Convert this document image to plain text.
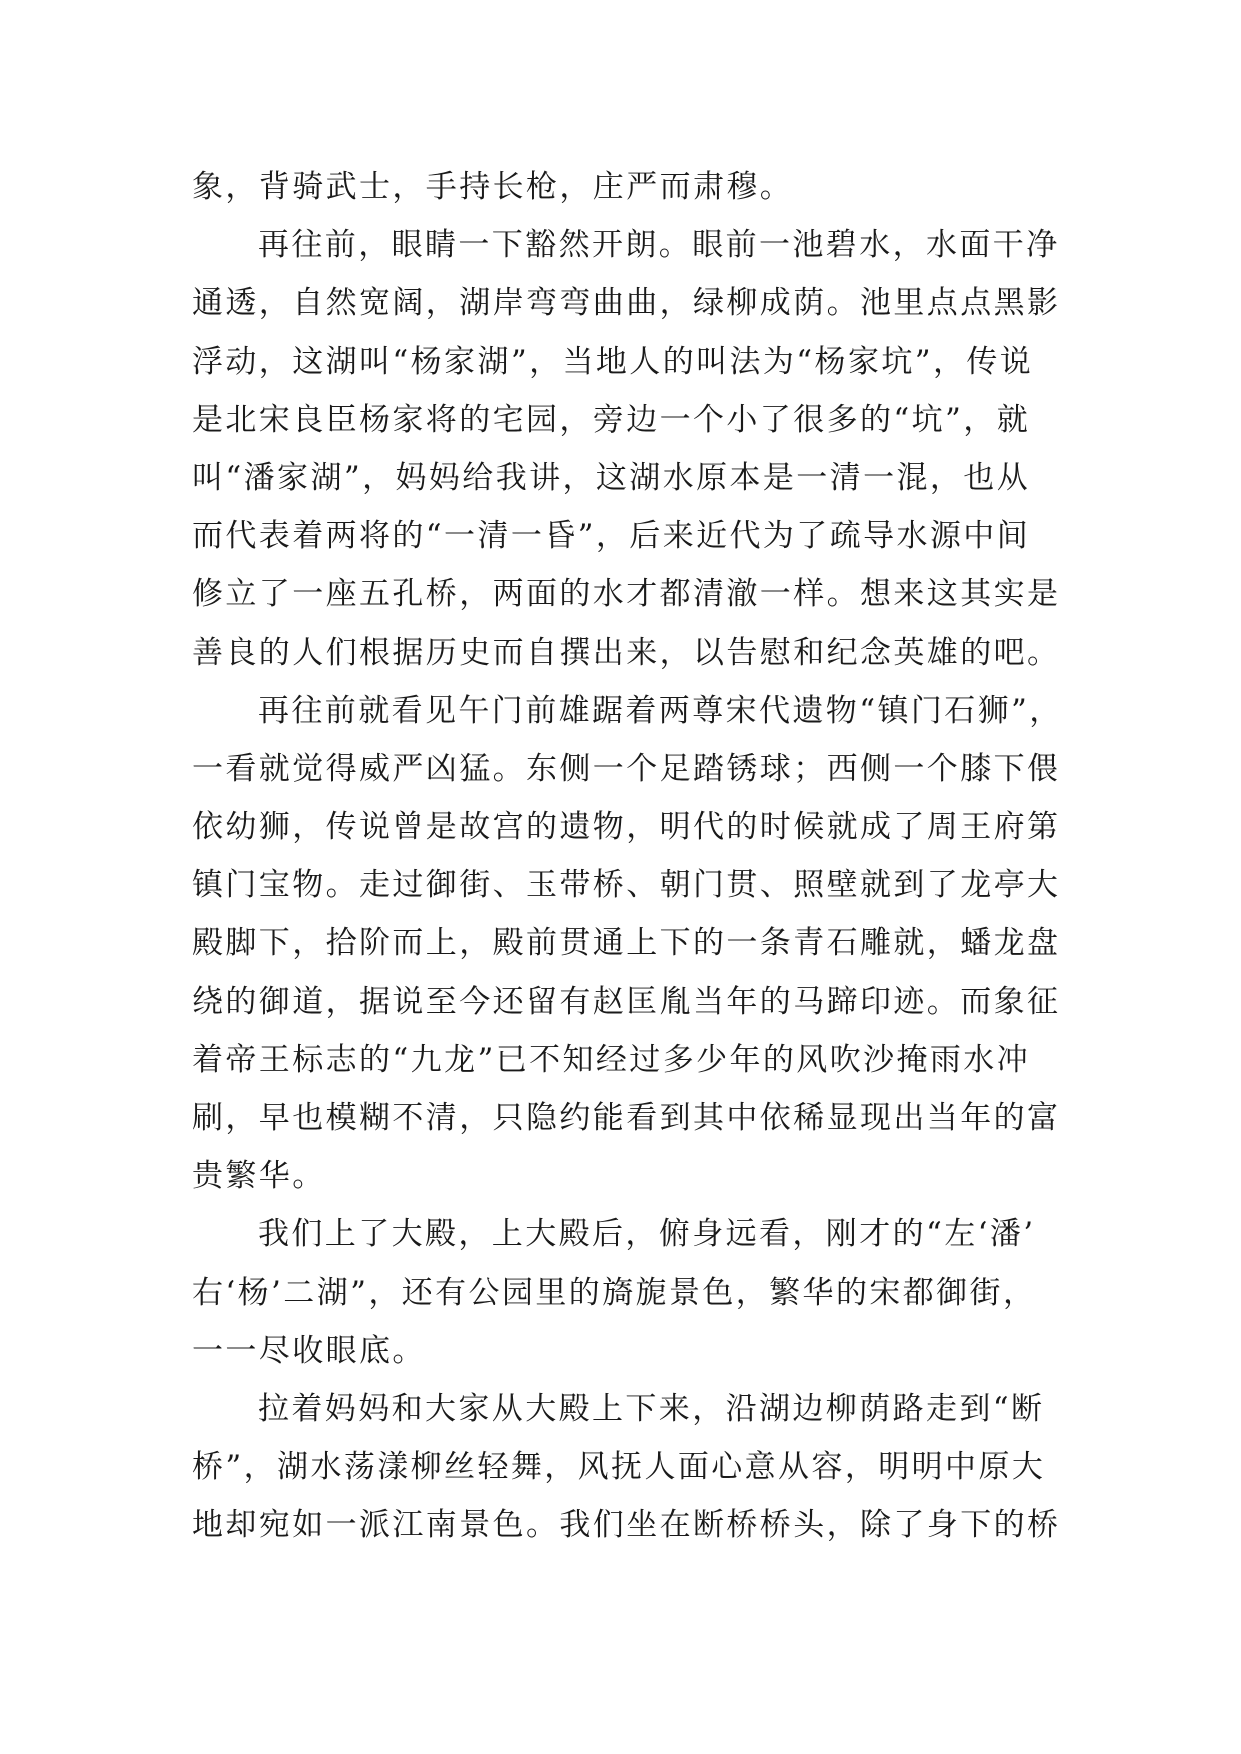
象，背骑武士，手持长枪，庄严而肃穆。
再往前，眼睛一下豁然开朗。眼前一池碧水，水面干净
通透，自然宽阔，湖岸弯弯曲曲，绿柳成荫。池里点点黑影
浮动，这湖叫“杨家湖”，当地人的叫法为“杨家坑”，传说
是北宋良臣杨家将的宅园，旁边一个小了很多的“坑”，就
叫“潘家湖”，妈妈给我讲，这湖水原本是一清一混，也从
而代表着两将的“一清一昏”，后来近代为了疏导水源中间
修立了一座五孔桥，两面的水才都清澈一样。想来这其实是
善良的人们根据历史而自撰出来，以告慰和纪念英雄的吧。
再往前就看见午门前雄踞着两尊宋代遗物“镇门石狮”，
一看就觉得威严凶猛。东侧一个足踏锈球；西侧一个膝下偎
依幼狮，传说曾是故宫的遗物，明代的时候就成了周王府第
镇门宝物。走过御街、玉带桥、朝门贯、照壁就到了龙亭大
殿脚下，拾阶而上，殿前贯通上下的一条青石雕就，蟠龙盘
绕的御道，据说至今还留有赵匡胤当年的马蹄印迹。而象征
着帝王标志的“九龙”已不知经过多少年的风吹沙掩雨水冲
刷，早也模糊不清，只隐约能看到其中依稀显现出当年的富
贵繁华。
我们上了大殿，上大殿后，俯身远看，刚才的“左‘潘’
右‘杨’二湖”，还有公园里的旖旎景色，繁华的宋都御街，
一一尽收眼底。
拉着妈妈和大家从大殿上下来，沿湖边柳荫路走到“断
桥”，湖水荡漾柳丝轻舞，风抚人面心意从容，明明中原大
地却宛如一派江南景色。我们坐在断桥桥头，除了身下的桥
